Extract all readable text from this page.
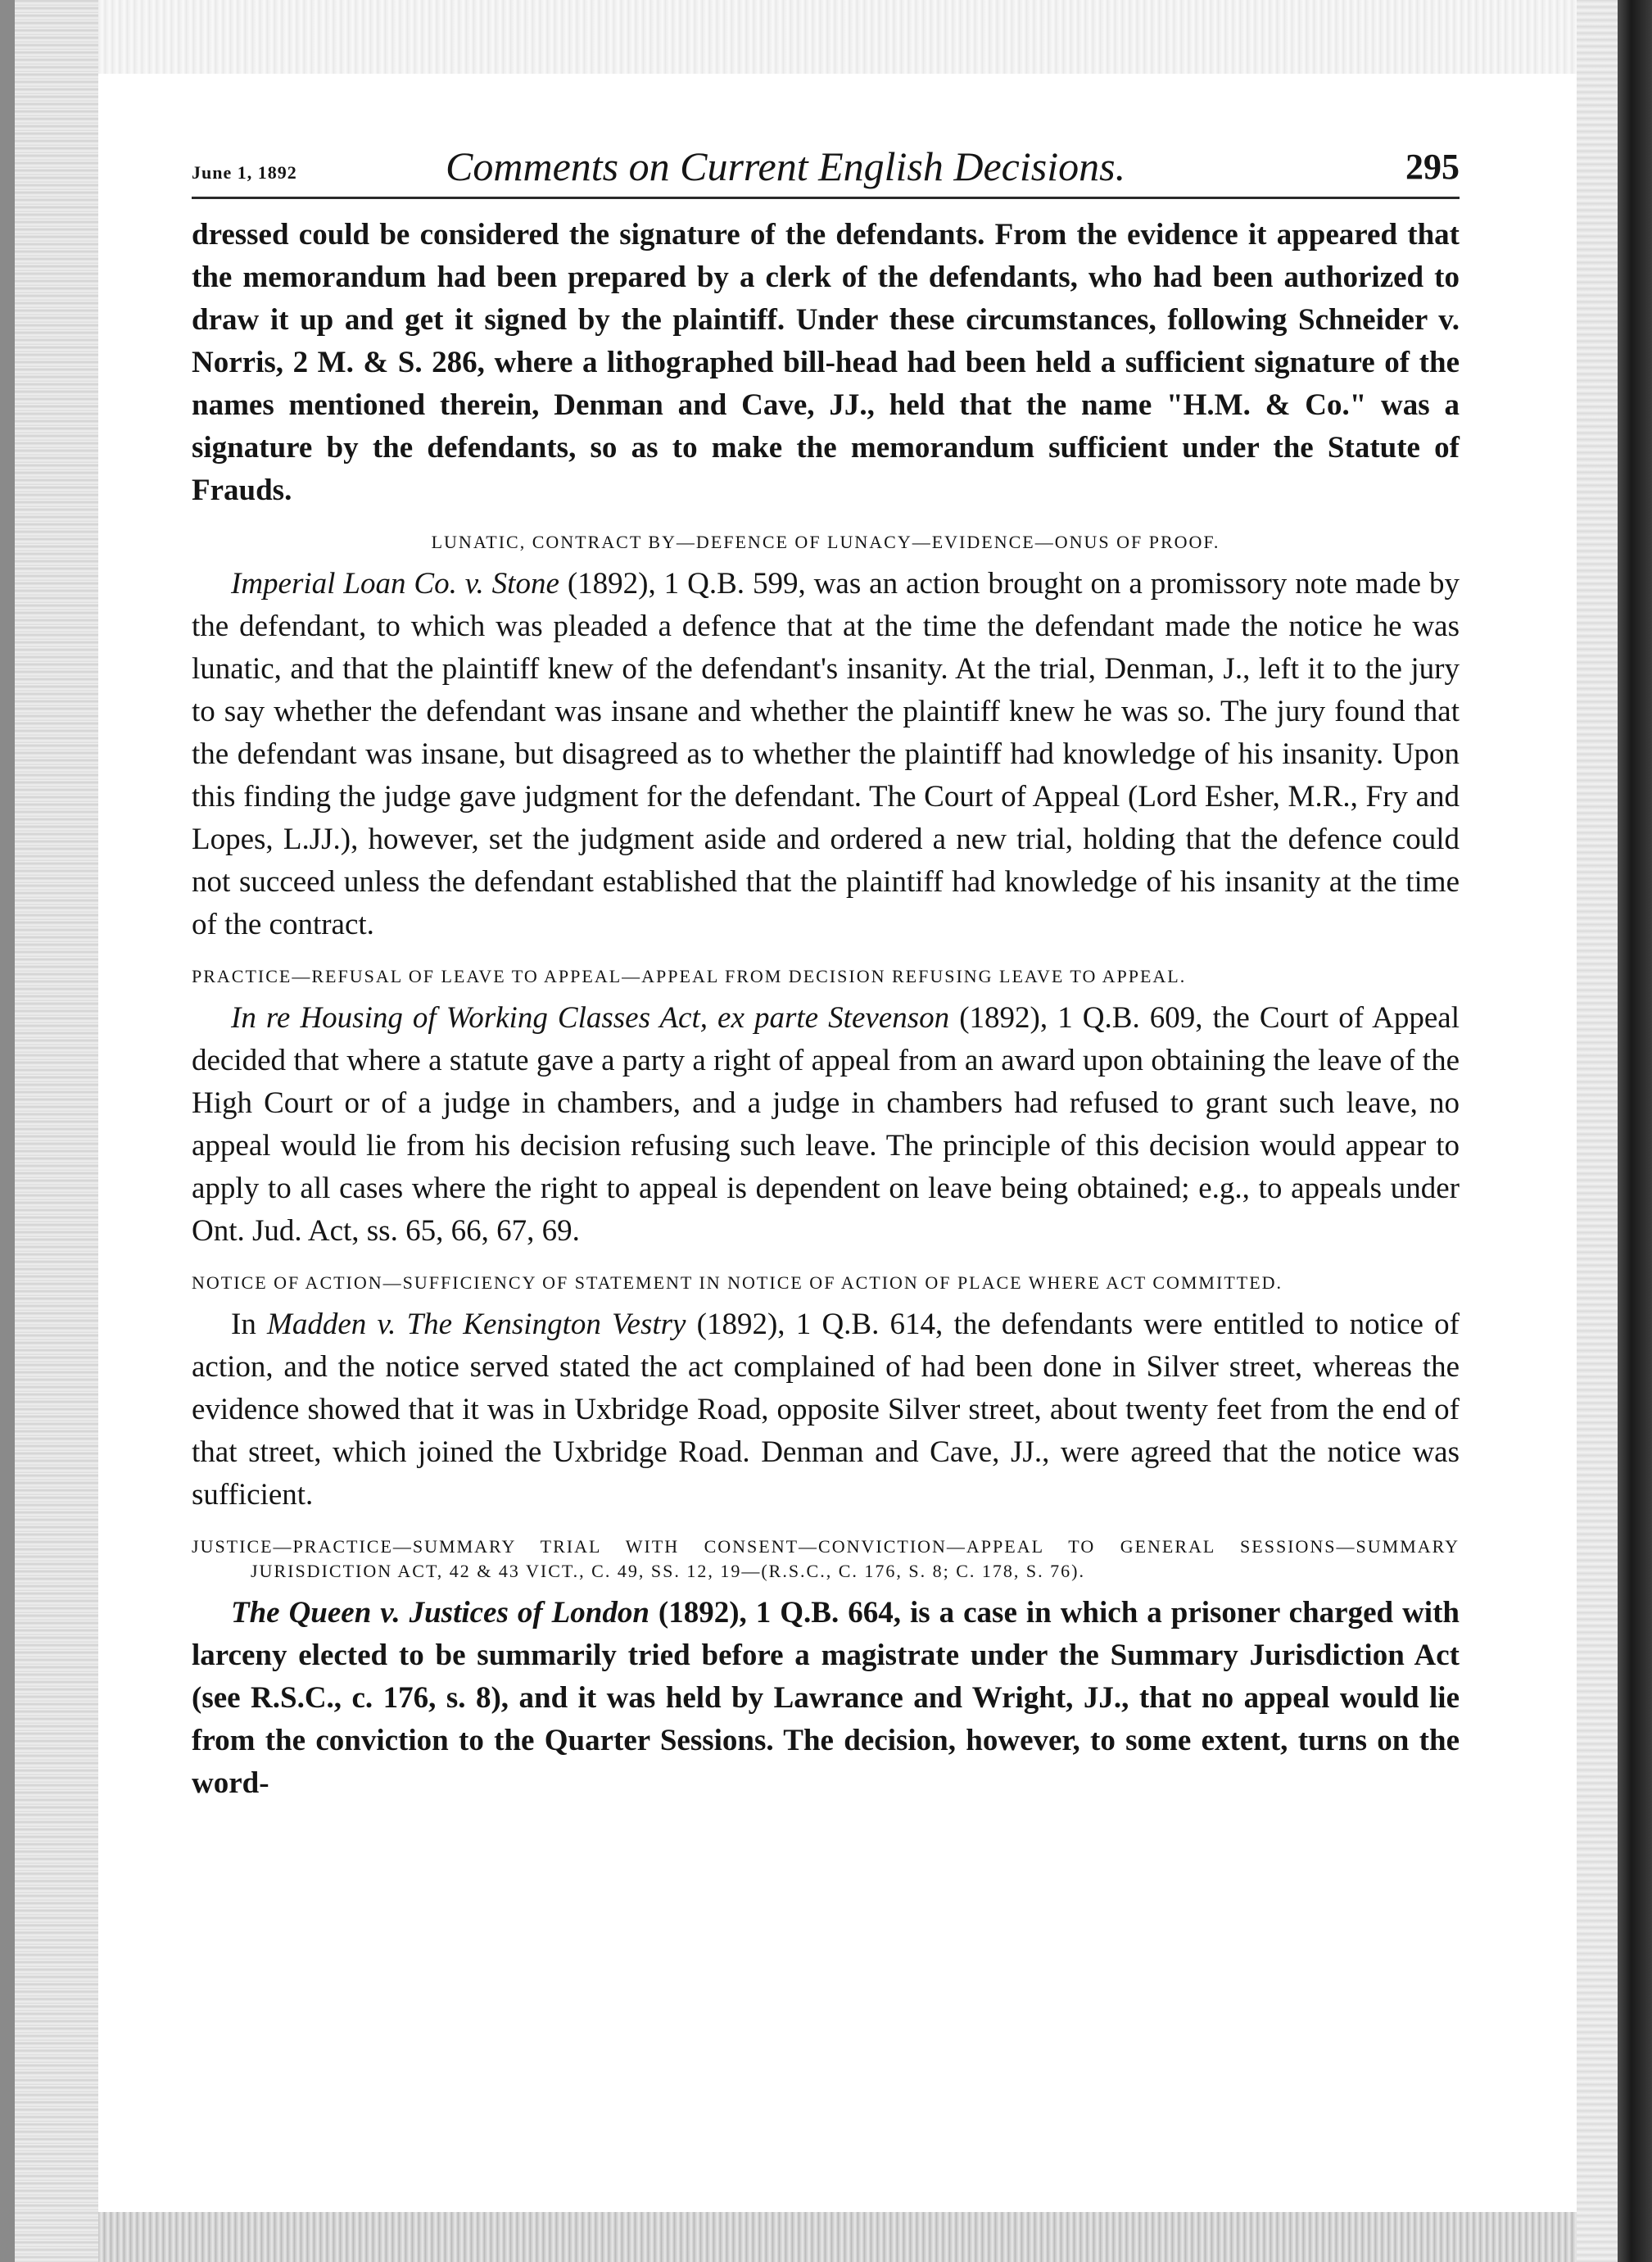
June 1, 1892	Comments on Current English Decisions.	295

dressed could be considered the signature of the defendants. From the evidence it appeared that the memorandum had been prepared by a clerk of the defendants, who had been authorized to draw it up and get it signed by the plaintiff. Under these circumstances, following Schneider v. Norris, 2 M. & S. 286, where a lithographed bill-head had been held a sufficient signature of the names mentioned therein, Denman and Cave, JJ., held that the name "H.M. & Co." was a signature by the defendants, so as to make the memorandum sufficient under the Statute of Frauds.

LUNATIC, CONTRACT BY—DEFENCE OF LUNACY—EVIDENCE—ONUS OF PROOF.

Imperial Loan Co. v. Stone (1892), 1 Q.B. 599, was an action brought on a promissory note made by the defendant, to which was pleaded a defence that at the time the defendant made the notice he was lunatic, and that the plaintiff knew of the defendant's insanity. At the trial, Denman, J., left it to the jury to say whether the defendant was insane and whether the plaintiff knew he was so. The jury found that the defendant was insane, but disagreed as to whether the plaintiff had knowledge of his insanity. Upon this finding the judge gave judgment for the defendant. The Court of Appeal (Lord Esher, M.R., Fry and Lopes, L.JJ.), however, set the judgment aside and ordered a new trial, holding that the defence could not succeed unless the defendant established that the plaintiff had knowledge of his insanity at the time of the contract.

PRACTICE—REFUSAL OF LEAVE TO APPEAL—APPEAL FROM DECISION REFUSING LEAVE TO APPEAL.

In re Housing of Working Classes Act, ex parte Stevenson (1892), 1 Q.B. 609, the Court of Appeal decided that where a statute gave a party a right of appeal from an award upon obtaining the leave of the High Court or of a judge in chambers, and a judge in chambers had refused to grant such leave, no appeal would lie from his decision refusing such leave. The principle of this decision would appear to apply to all cases where the right to appeal is dependent on leave being obtained; e.g., to appeals under Ont. Jud. Act, ss. 65, 66, 67, 69.

NOTICE OF ACTION—SUFFICIENCY OF STATEMENT IN NOTICE OF ACTION OF PLACE WHERE ACT COMMITTED.

In Madden v. The Kensington Vestry (1892), 1 Q.B. 614, the defendants were entitled to notice of action, and the notice served stated the act complained of had been done in Silver street, whereas the evidence showed that it was in Uxbridge Road, opposite Silver street, about twenty feet from the end of that street, which joined the Uxbridge Road. Denman and Cave, JJ., were agreed that the notice was sufficient.

JUSTICE—PRACTICE—SUMMARY TRIAL WITH CONSENT—CONVICTION—APPEAL TO GENERAL SESSIONS—SUMMARY JURISDICTION ACT, 42 & 43 VICT., C. 49, SS. 12, 19—(R.S.C., C. 176, S. 8; C. 178, S. 76).

The Queen v. Justices of London (1892), 1 Q.B. 664, is a case in which a prisoner charged with larceny elected to be summarily tried before a magistrate under the Summary Jurisdiction Act (see R.S.C., c. 176, s. 8), and it was held by Lawrance and Wright, JJ., that no appeal would lie from the conviction to the Quarter Sessions. The decision, however, to some extent, turns on the word-
